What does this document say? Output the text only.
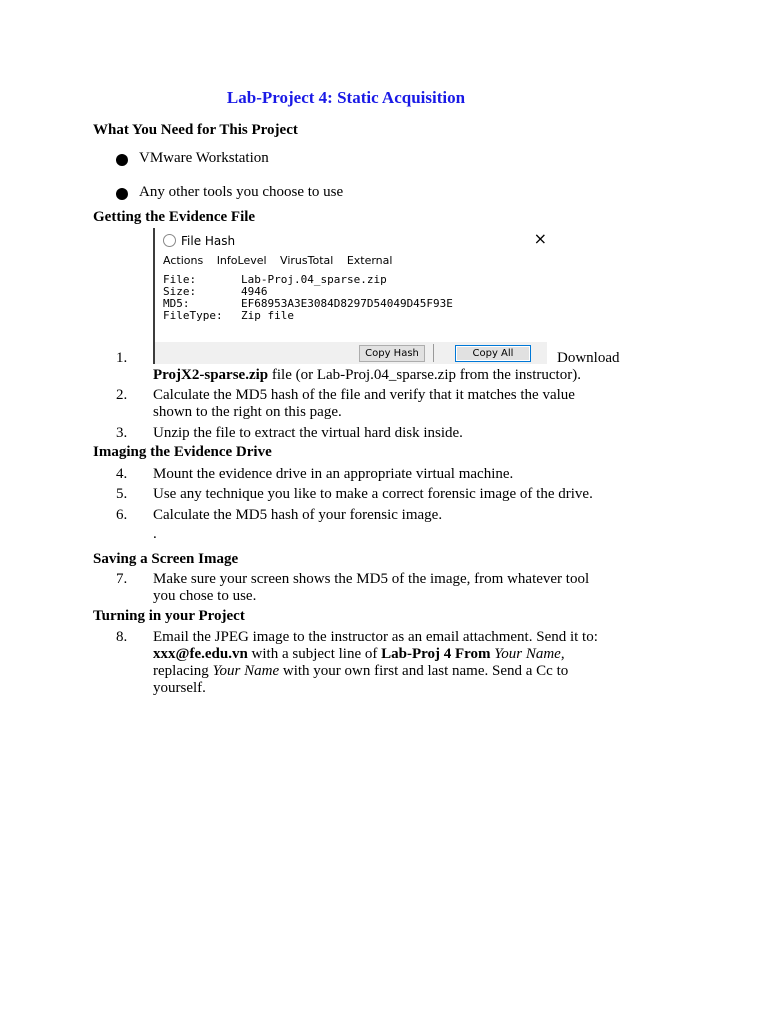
Lab-Project 4: Static Acquisition
What You Need for This Project
VMware Workstation
Any other tools you choose to use
Getting the Evidence File
File Hash	×
Actions InfoLevel VirusTotal External
File:	Lab-Proj.04_sparse.zip
Size:	4946
MD5:	EF68953A3E3084D8297D54049D45F93E
FileType: Zip file
Copy Hash	Copy All
1.	Download
ProjX2-sparse.zip file (or Lab-Proj.04_sparse.zip from the instructor).
2. Calculate the MD5 hash of the file and verify that it matches the value
shown to the right on this page.
3. Unzip the file to extract the virtual hard disk inside.
Imaging the Evidence Drive
4. Mount the evidence drive in an appropriate virtual machine.
5. Use any technique you like to make a correct forensic image of the drive.
6. Calculate the MD5 hash of your forensic image.
.
Saving a Screen Image
7. Make sure your screen shows the MD5 of the image, from whatever tool
you chose to use.
Turning in your Project
8. Email the JPEG image to the instructor as an email attachment. Send it to:
xxx@fe.edu.vn with a subject line of Lab-Proj 4 From Your Name,
replacing Your Name with your own first and last name. Send a Cc to
yourself.
